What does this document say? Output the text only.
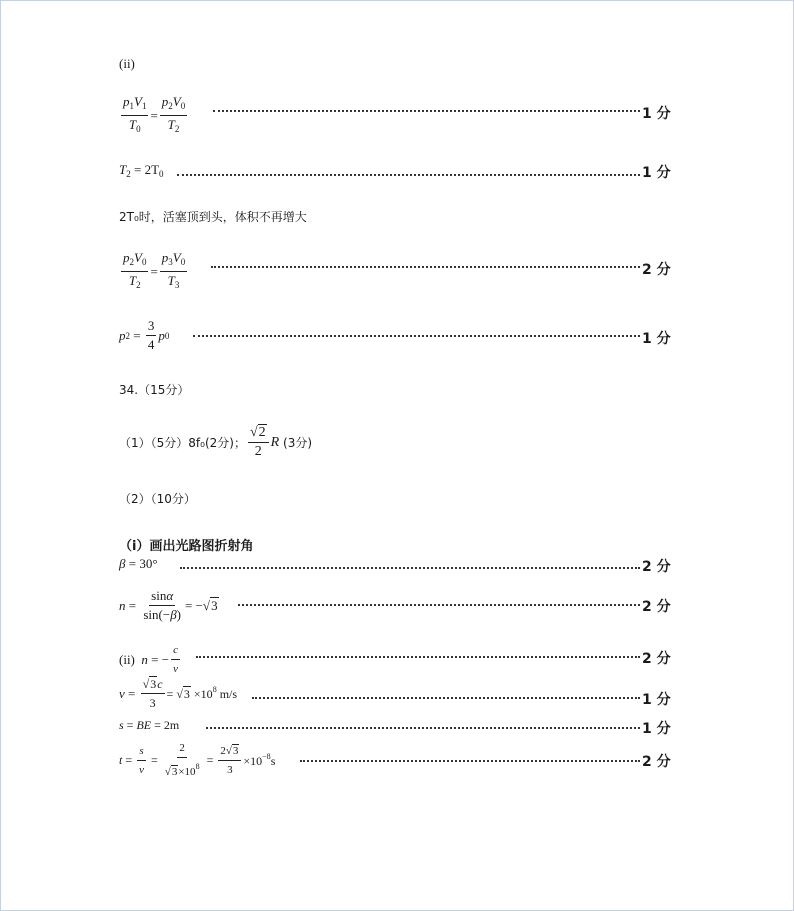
(ii)
$\frac{p_1V_1}{T_0} = \frac{p_2V_0}{T_2}$	1 分
$T_2 = 2T_0$	1 分
2T₀时，活塞顶到头，体积不再增大
$\frac{p_2V_0}{T_2} = \frac{p_3V_0}{T_3}$	2 分
p $2 = \frac{3}{4}$ p 0	1 分
34.（15分）
（1）（5分）8 f₀ (2分)； $\frac{√2}{2}$ R
(3分)
（2）（10分）
（i）画出光路图折射角
β = 30°	2 分
$n = \frac{\sin\alpha}{\sin(-\beta)} = -√3$	2 分
(ii)
n = − $\frac{c}{v}$	2 分
$v = \frac{√3c}{3} = √3 \times 10^8$ m/s	1 分
s = BE = 2m	1 分
$t = \frac{s}{v} = \frac{2}{√3\times 10^8} = \frac{2√3}{3} \times 10^{-8}s$	2 分
